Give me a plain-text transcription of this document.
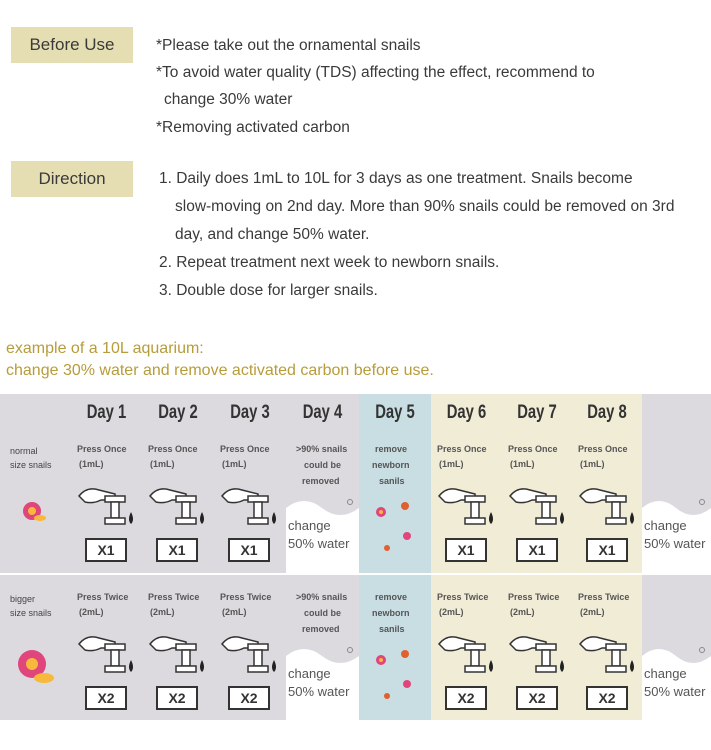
Before Use	*Please take out the ornamental snails
*To avoid water quality (TDS) affecting the effect, recommend to
change 30% water
*Removing activated carbon
Direction	1. Daily does 1mL to 10L for 3 days as one treatment. Snails become
slow-moving on 2nd day. More than 90% snails could be removed on 3rd
day, and change 50% water.
2. Repeat treatment next week to newborn snails.
3. Double dose for larger snails.
example of a 10L aquarium:
change 30% water and remove activated carbon before use.
normal
size snails
bigger
size snails
Day 1
Press Once
(1mL)
X1
Day 2
Press Once
(1mL)
X1
Day 3
Press Once
(1mL)
X1
Day 4
>90% snails
could be
removed
change
50% water
Day 5
remove
newborn
sanils
Day 6
Press Once
(1mL)
X1
Day 7
Press Once
(1mL)
X1
Day 8
Press Once
(1mL)
X1
change
50% water
Press Twice
(2mL)
X2
Press Twice
(2mL)
X2
Press Twice
(2mL)
X2
>90% snails
could be
removed
change
50% water
remove
newborn
sanils
Press Twice
(2mL)
X2
Press Twice
(2mL)
X2
Press Twice
(2mL)
X2
change
50% water
